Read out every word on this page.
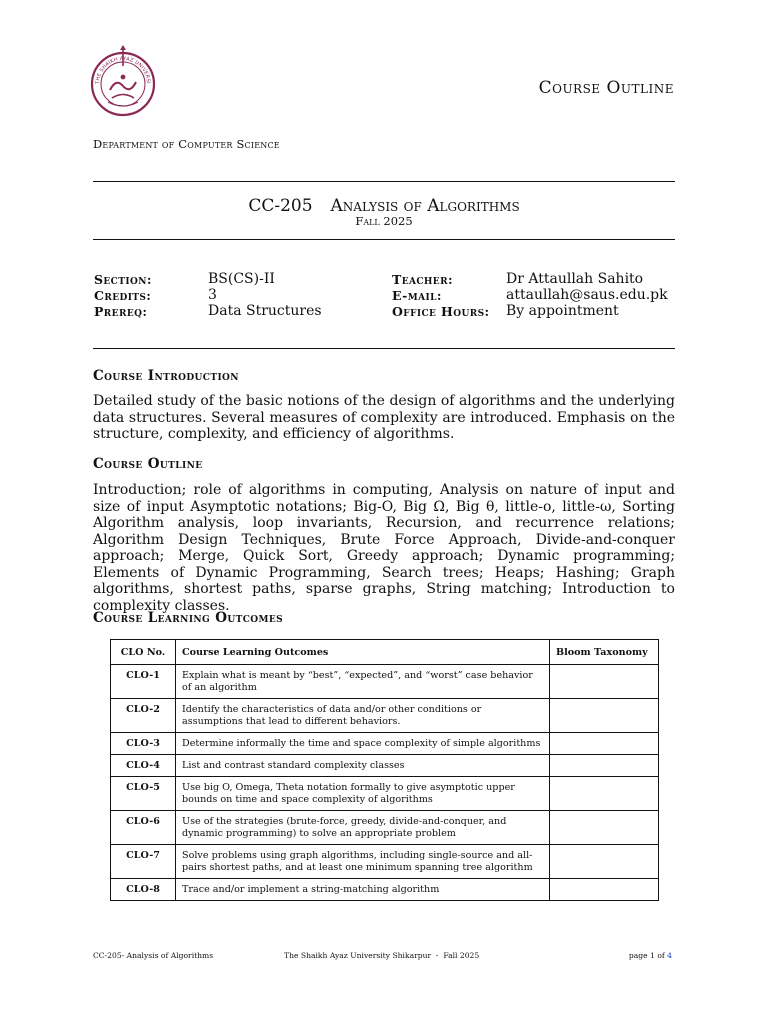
THE SHAIKH AYAZ UNIVERSI	Course Outline
Department of Computer Science
CC-205 Analysis of Algorithms
Fall 2025
Section:	BS(CS)-II
Credits:	3
Prereq:	Data Structures
Teacher:	Dr Attaullah Sahito
E-mail:	attaullah@saus.edu.pk
Office Hours: By appointment
Course Introduction
Detailed study of the basic notions of the design of algorithms and the underlying data structures. Several measures of complexity are introduced. Emphasis on the structure, complexity, and efficiency of algorithms.
Course Outline
Introduction; role of algorithms in computing, Analysis on nature of input and size of input Asymptotic notations; Big-O, Big Ω, Big θ, little-o, little-ω, Sorting Algorithm analysis, loop invariants, Recursion, and recurrence relations; Algorithm Design Techniques, Brute Force Approach, Divide-and-conquer approach; Merge, Quick Sort, Greedy approach; Dynamic programming; Elements of Dynamic Programming, Search trees; Heaps; Hashing; Graph algorithms, shortest paths, sparse graphs, String matching; Introduction to complexity classes.
Course Learning Outcomes
CLO No.	Course Learning Outcomes	Bloom Taxonomy
CLO-1	Explain what is meant by “best”, “expected”, and “worst” case behavior of an algorithm	
CLO-2	Identify the characteristics of data and/or other conditions or assumptions that lead to different behaviors.	
CLO-3	Determine informally the time and space complexity of simple algorithms	
CLO-4	List and contrast standard complexity classes	
CLO-5	Use big O, Omega, Theta notation formally to give asymptotic upper bounds on time and space complexity of algorithms	
CLO-6	Use of the strategies (brute-force, greedy, divide-and-conquer, and dynamic programming) to solve an appropriate problem	
CLO-7	Solve problems using graph algorithms, including single-source and all-pairs shortest paths, and at least one minimum spanning tree algorithm	
CLO-8	Trace and/or implement a string-matching algorithm	
CC-205- Analysis of Algorithms	The Shaikh Ayaz University Shikarpur  -  Fall 2025	page 1 of 4
